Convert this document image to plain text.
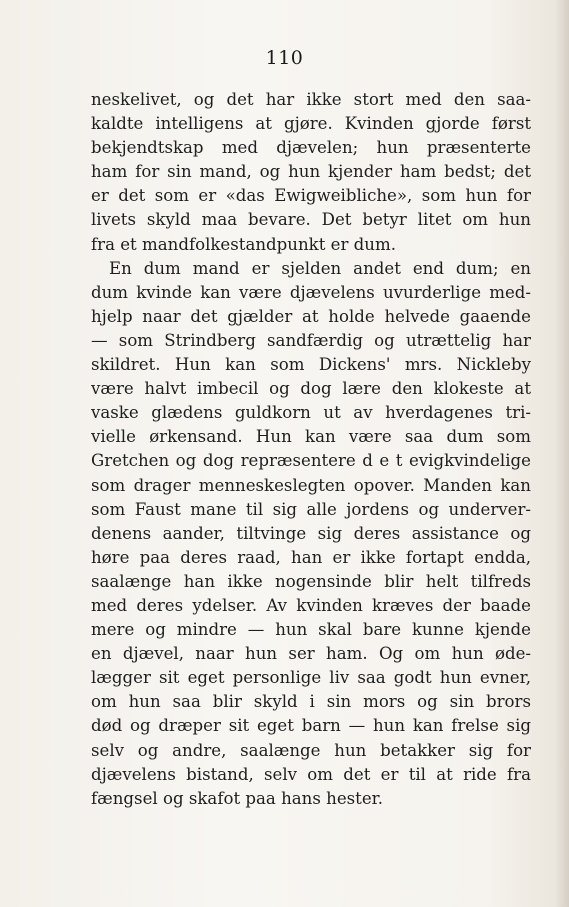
110
neskelivet, og det har ikke stort med den saa-
kaldte intelligens at gjøre. Kvinden gjorde først
bekjendtskap med djævelen; hun præsenterte
ham for sin mand, og hun kjender ham bedst; det
er det som er «das Ewigweibliche», som hun for
livets skyld maa bevare. Det betyr litet om hun
fra et mandfolkestandpunkt er dum.
En dum mand er sjelden andet end dum; en
dum kvinde kan være djævelens uvurderlige med-
hjelp naar det gjælder at holde helvede gaaende
— som Strindberg sandfærdig og utrættelig har
skildret. Hun kan som Dickens' mrs. Nickleby
være halvt imbecil og dog lære den klokeste at
vaske glædens guldkorn ut av hverdagenes tri-
vielle ørkensand. Hun kan være saa dum som
Gretchen og dog repræsentere d e t evigkvindelige
som drager menneskeslegten opover. Manden kan
som Faust mane til sig alle jordens og underver-
denens aander, tiltvinge sig deres assistance og
høre paa deres raad, han er ikke fortapt endda,
saalænge han ikke nogensinde blir helt tilfreds
med deres ydelser. Av kvinden kræves der baade
mere og mindre — hun skal bare kunne kjende
en djævel, naar hun ser ham. Og om hun øde-
lægger sit eget personlige liv saa godt hun evner,
om hun saa blir skyld i sin mors og sin brors
død og dræper sit eget barn — hun kan frelse sig
selv og andre, saalænge hun betakker sig for
djævelens bistand, selv om det er til at ride fra
fængsel og skafot paa hans hester.
